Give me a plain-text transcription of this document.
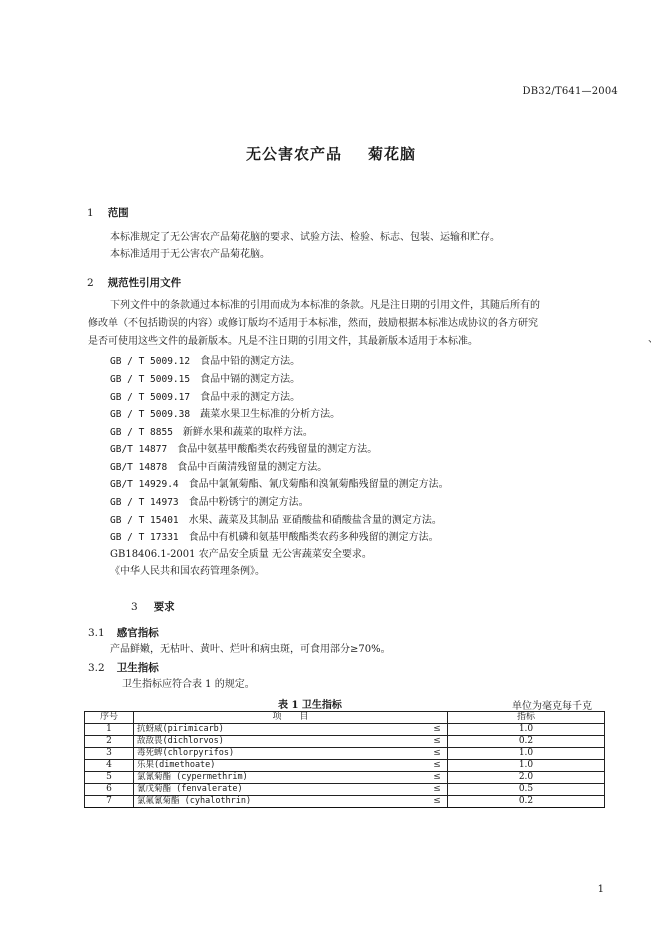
DB32/T641—2004
无公害农产品 菊花脑
1 范围
本标准规定了无公害农产品菊花脑的要求、试验方法、检验、标志、包装、运输和贮存。
本标准适用于无公害农产品菊花脑。
2 规范性引用文件
下列文件中的条款通过本标准的引用而成为本标准的条款。凡是注日期的引用文件，其随后所有的
修改单（不包括勘误的内容）或修订版均不适用于本标准，然而，鼓励根据本标准达成协议的各方研究
是否可使用这些文件的最新版本。凡是不注日期的引用文件，其最新版本适用于本标准。
GB / T 5009.12 食品中铅的测定方法。
GB / T 5009.15 食品中镉的测定方法。
GB / T 5009.17 食品中汞的测定方法。
GB / T 5009.38 蔬菜水果卫生标准的分析方法。
GB / T 8855 新鲜水果和蔬菜的取样方法。
GB/T 14877 食品中氨基甲酸酯类农药残留量的测定方法。
GB/T 14878 食品中百菌清残留量的测定方法。
GB/T 14929.4 食品中氯氰菊酯、氰戊菊酯和溴氰菊酯残留量的测定方法。
GB / T 14973 食品中粉锈宁的测定方法。
GB / T 15401 水果、蔬菜及其制品 亚硝酸盐和硝酸盐含量的测定方法。
GB / T 17331 食品中有机磷和氨基甲酸酯类农药多种残留的测定方法。
GB18406.1-2001 农产品安全质量 无公害蔬菜安全要求。
《中华人民共和国农药管理条例》。
3 要求
3.1 感官指标
产品鲜嫩，无枯叶、黄叶、烂叶和病虫斑，可食用部分≥70%。
3.2 卫生指标
卫生指标应符合表 1 的规定。
表 1 卫生指标	单位为毫克每千克
序号	项　　目		指标
1	抗蚜威(pirimicarb)	≤	1.0
2	敌敌畏(dichlorvos)	≤	0.2
3	毒死蜱(chlorpyrifos)	≤	1.0
4	乐果(dimethoate)	≤	1.0
5	氯氰菊酯 (cypermethrim)	≤	2.0
6	氰戊菊酯 (fenvalerate)	≤	0.5
7	氯氟氰菊酯 (cyhalothrin)	≤	0.2
、
1
